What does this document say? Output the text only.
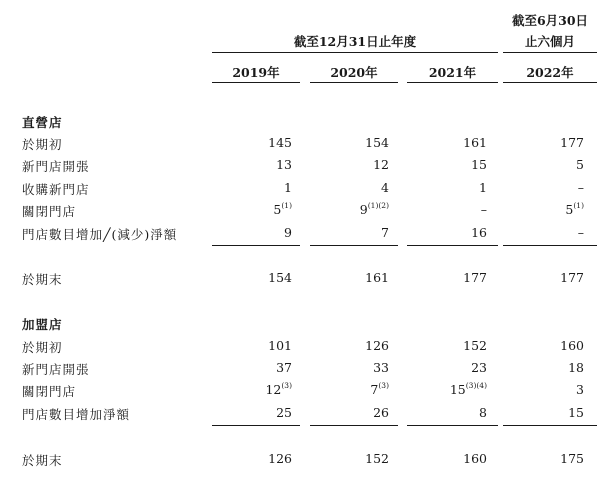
截至12月31日止年度
截至6月30日
止六個月
2019年	2020年	2021年	2022年
直營店
於期初	145	154	161	177
新門店開張	13	12	15	5
收購新門店	1	4	1	–
關閉門店	5$^{(1)}$	$9^{(1)(2)}$	–	5$^{(1)}$
門店數目增加╱(減少)淨額	9	7	16	–
於期末	154	161	177	177
加盟店
於期初	101	126	152	160
新門店開張	37	33	23	18
關閉門店	12$^{(3)}$	7$^{(3)}$	$15^{(3)(4)}$	3
門店數目增加淨額	25	26	8	15
於期末	126	152	160	175
